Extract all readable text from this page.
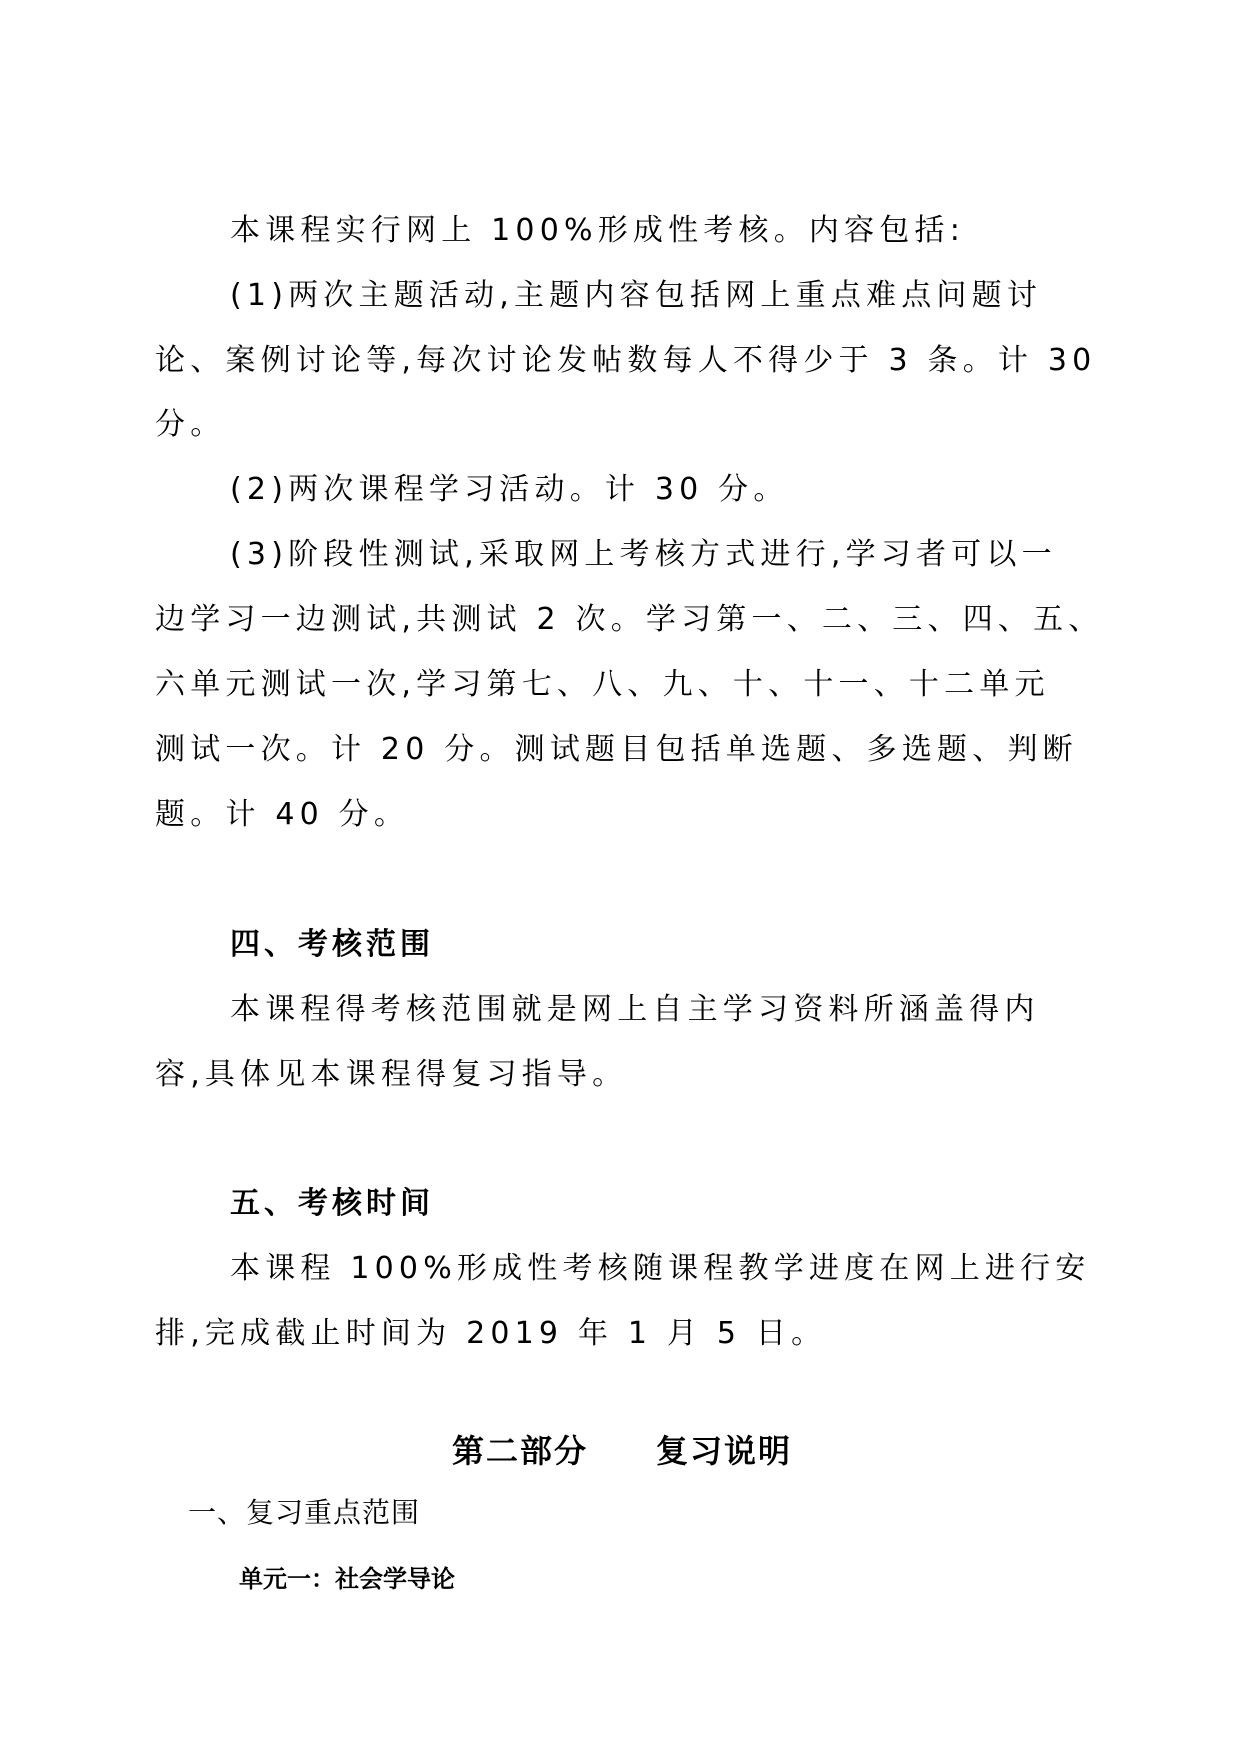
本课程实行网上 100%形成性考核。内容包括:
(1)两次主题活动,主题内容包括网上重点难点问题讨
论、案例讨论等,每次讨论发帖数每人不得少于 3 条。计 30
分。
(2)两次课程学习活动。计 30 分。
(3)阶段性测试,采取网上考核方式进行,学习者可以一
边学习一边测试,共测试 2 次。学习第一、二、三、四、五、
六单元测试一次,学习第七、八、九、十、十一、十二单元
测试一次。计 20 分。测试题目包括单选题、多选题、判断
题。计 40 分。
四、考核范围
本课程得考核范围就是网上自主学习资料所涵盖得内
容,具体见本课程得复习指导。
五、考核时间
本课程 100%形成性考核随课程教学进度在网上进行安
排,完成截止时间为 2019 年 1 月 5 日。
第二部分 复习说明
一、复习重点范围
单元一：社会学导论
